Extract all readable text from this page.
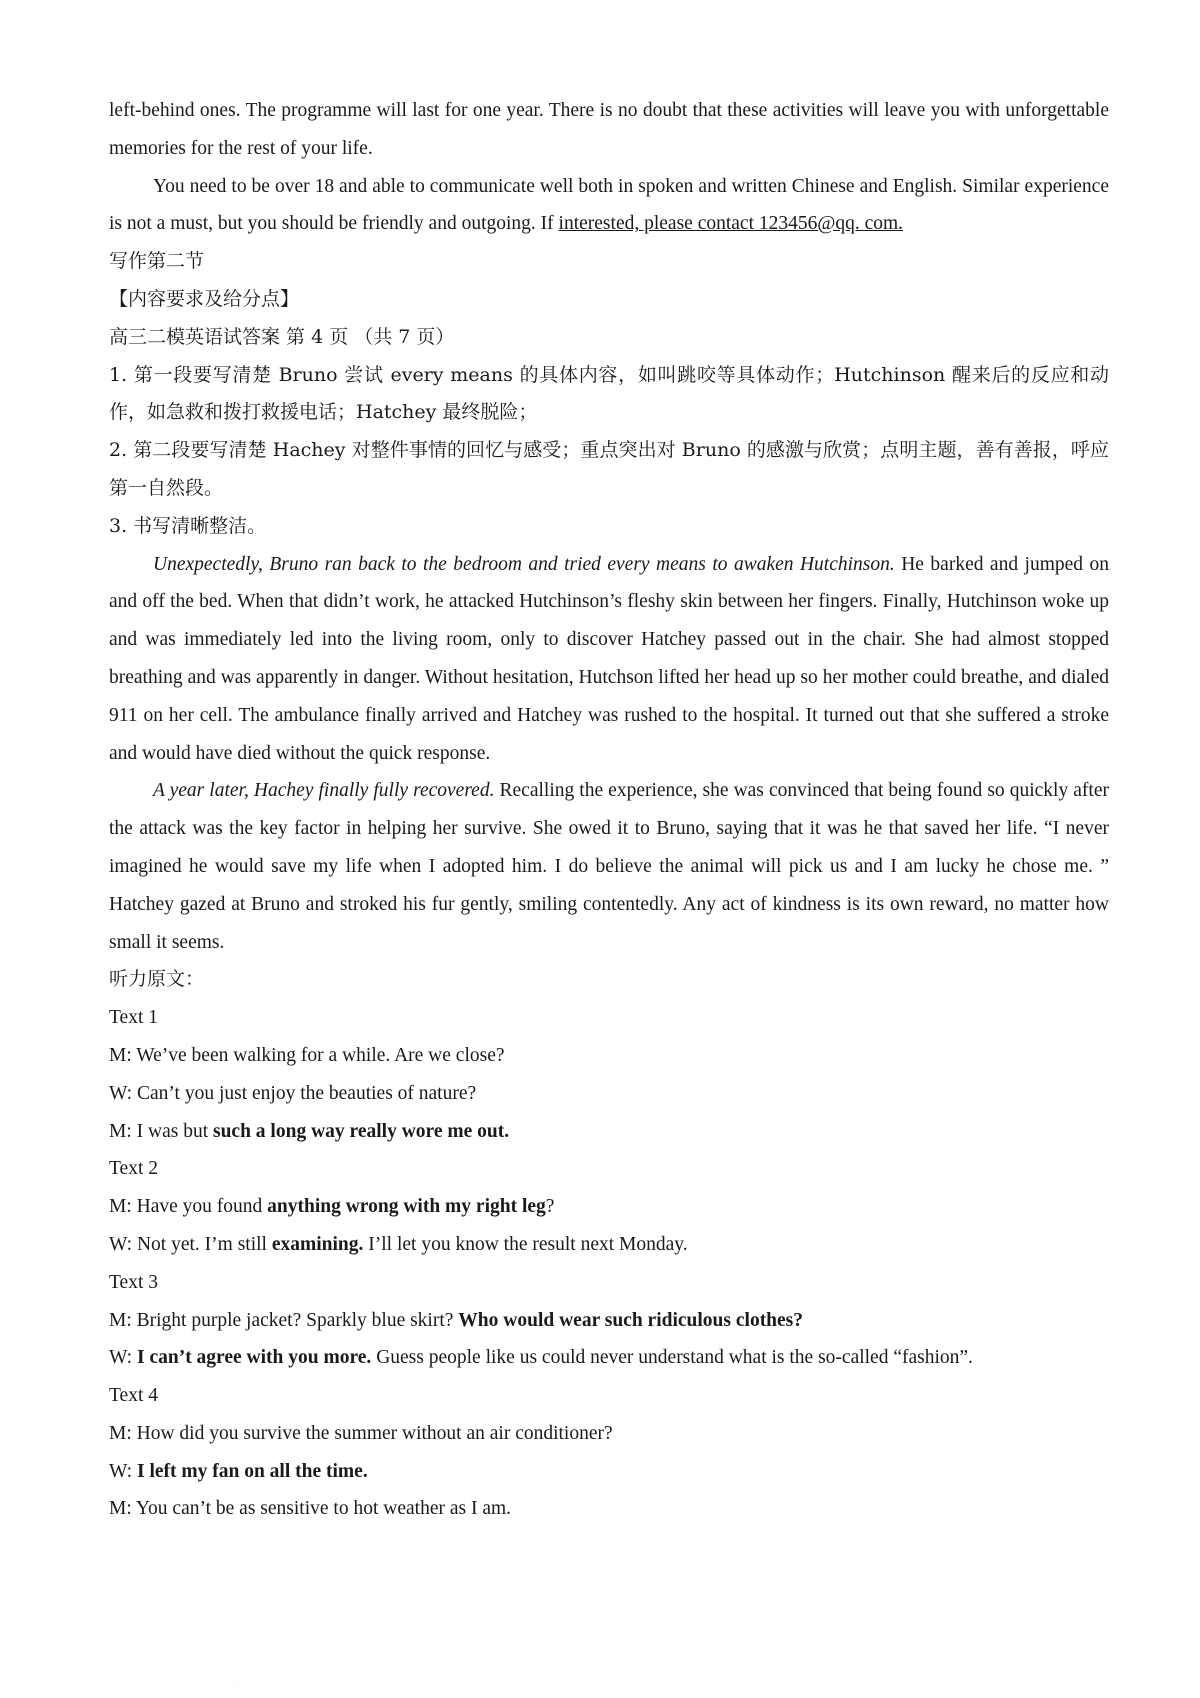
left-behind ones. The programme will last for one year. There is no doubt that these activities will leave you with unforgettable memories for the rest of your life.

You need to be over 18 and able to communicate well both in spoken and written Chinese and English. Similar experience is not a must, but you should be friendly and outgoing. If interested, please contact 123456@qq. com.

写作第二节

【内容要求及给分点】

高三二模英语试答案 第 4 页 （共 7 页）

1. 第一段要写清楚 Bruno 尝试 every means 的具体内容，如叫跳咬等具体动作；Hutchinson 醒来后的反应和动作，如急救和拨打救援电话；Hatchey 最终脱险；

2. 第二段要写清楚 Hachey 对整件事情的回忆与感受；重点突出对 Bruno 的感激与欣赏；点明主题，善有善报，呼应第一自然段。

3. 书写清晰整洁。

Unexpectedly, Bruno ran back to the bedroom and tried every means to awaken Hutchinson. He barked and jumped on and off the bed. When that didn’t work, he attacked Hutchinson’s fleshy skin between her fingers. Finally, Hutchinson woke up and was immediately led into the living room, only to discover Hatchey passed out in the chair. She had almost stopped breathing and was apparently in danger. Without hesitation, Hutchson lifted her head up so her mother could breathe, and dialed 911 on her cell. The ambulance finally arrived and Hatchey was rushed to the hospital. It turned out that she suffered a stroke and would have died without the quick response.

A year later, Hachey finally fully recovered. Recalling the experience, she was convinced that being found so quickly after the attack was the key factor in helping her survive. She owed it to Bruno, saying that it was he that saved her life. “I never imagined he would save my life when I adopted him. I do believe the animal will pick us and I am lucky he chose me. ” Hatchey gazed at Bruno and stroked his fur gently, smiling contentedly. Any act of kindness is its own reward, no matter how small it seems.

听力原文：

Text 1

M: We’ve been walking for a while. Are we close?

W: Can’t you just enjoy the beauties of nature?

M: I was but such a long way really wore me out.

Text 2

M: Have you found anything wrong with my right leg?

W: Not yet. I’m still examining. I’ll let you know the result next Monday.

Text 3

M: Bright purple jacket? Sparkly blue skirt? Who would wear such ridiculous clothes?

W: I can’t agree with you more. Guess people like us could never understand what is the so-called “fashion”.

Text 4

M: How did you survive the summer without an air conditioner?

W: I left my fan on all the time.

M: You can’t be as sensitive to hot weather as I am.

.
